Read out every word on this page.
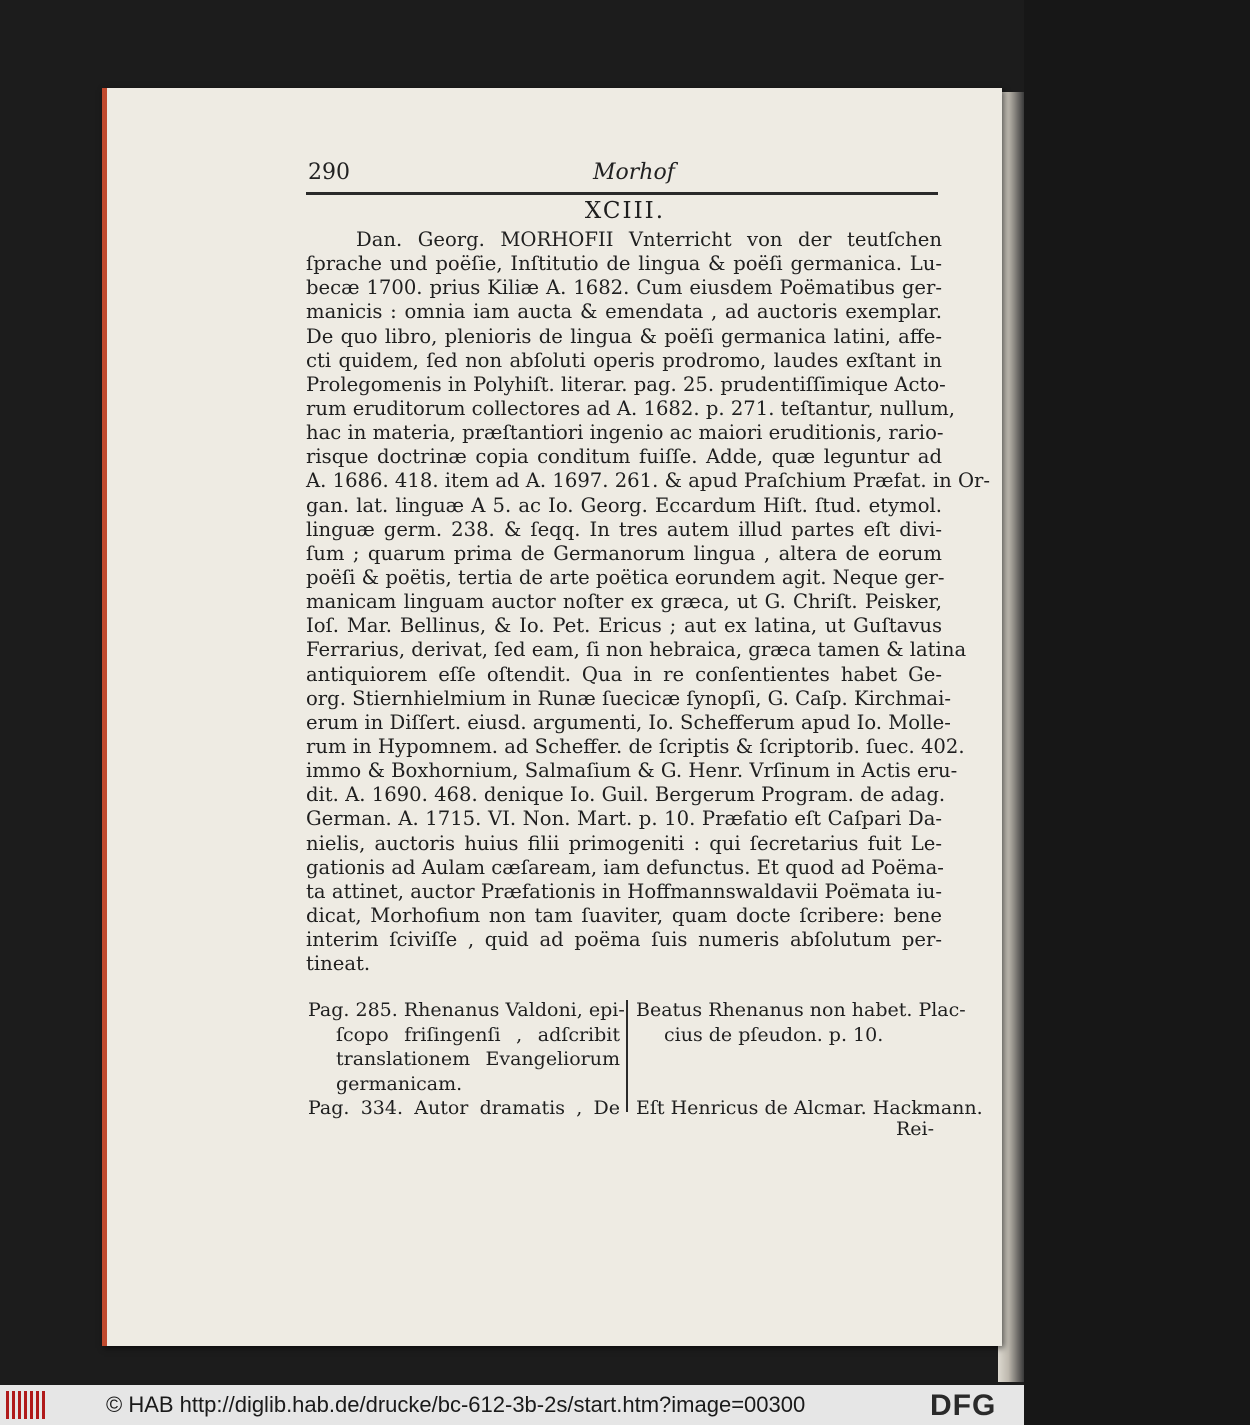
290	Morhof
XCIII.
Dan. Georg. MORHOFII Vnterricht von der teutſchen
ſprache und poëſie, Inſtitutio de lingua & poëſi germanica. Lu-
becæ 1700. prius Kiliæ A. 1682. Cum eiusdem Poëmatibus ger-
manicis : omnia iam aucta & emendata , ad auctoris exemplar.
De quo libro, plenioris de lingua & poëſi germanica latini, affe-
cti quidem, ſed non abſoluti operis prodromo, laudes exſtant in
Prolegomenis in Polyhiſt. literar. pag. 25. prudentiſſimique Acto-
rum eruditorum collectores ad A. 1682. p. 271. teſtantur, nullum,
hac in materia, præſtantiori ingenio ac maiori eruditionis, rario-
risque doctrinæ copia conditum fuiſſe. Adde, quæ leguntur ad
A. 1686. 418. item ad A. 1697. 261. & apud Praſchium Præfat. in Or-
gan. lat. linguæ A 5. ac Io. Georg. Eccardum Hiſt. ſtud. etymol.
linguæ germ. 238. & ſeqq. In tres autem illud partes eſt divi-
ſum ; quarum prima de Germanorum lingua , altera de eorum
poëſi & poëtis, tertia de arte poëtica eorundem agit. Neque ger-
manicam linguam auctor noſter ex græca, ut G. Chriſt. Peisker,
Ioſ. Mar. Bellinus, & Io. Pet. Ericus ; aut ex latina, ut Guſtavus
Ferrarius, derivat, ſed eam, ſi non hebraica, græca tamen & latina
antiquiorem eſſe oſtendit. Qua in re conſentientes habet Ge-
org. Stiernhielmium in Runæ ſuecicæ ſynopſi, G. Caſp. Kirchmai-
erum in Diſſert. eiusd. argumenti, Io. Schefferum apud Io. Molle-
rum in Hypomnem. ad Scheffer. de ſcriptis & ſcriptorib. ſuec. 402.
immo & Boxhornium, Salmaſium & G. Henr. Vrſinum in Actis eru-
dit. A. 1690. 468. denique Io. Guil. Bergerum Program. de adag.
German. A. 1715. VI. Non. Mart. p. 10. Præfatio eſt Caſpari Da-
nielis, auctoris huius filii primogeniti : qui ſecretarius fuit Le-
gationis ad Aulam cæſaream, iam defunctus. Et quod ad Poëma-
ta attinet, auctor Præfationis in Hoffmannswaldavii Poëmata iu-
dicat, Morhofium non tam ſuaviter, quam docte ſcribere: bene
interim ſciviſſe , quid ad poëma ſuis numeris abſolutum per-
tineat.
Pag. 285. Rhenanus Valdoni, epi-
ſcopo friſingenſi , adſcribit
translationem Evangeliorum
germanicam.
Pag. 334. Autor dramatis , De
Beatus Rhenanus non habet. Plac-
cius de pſeudon. p. 10.
Eſt Henricus de Alcmar. Hackmann.
Rei-
© HAB http://diglib.hab.de/drucke/bc-612-3b-2s/start.htm?image=00300	DFG
